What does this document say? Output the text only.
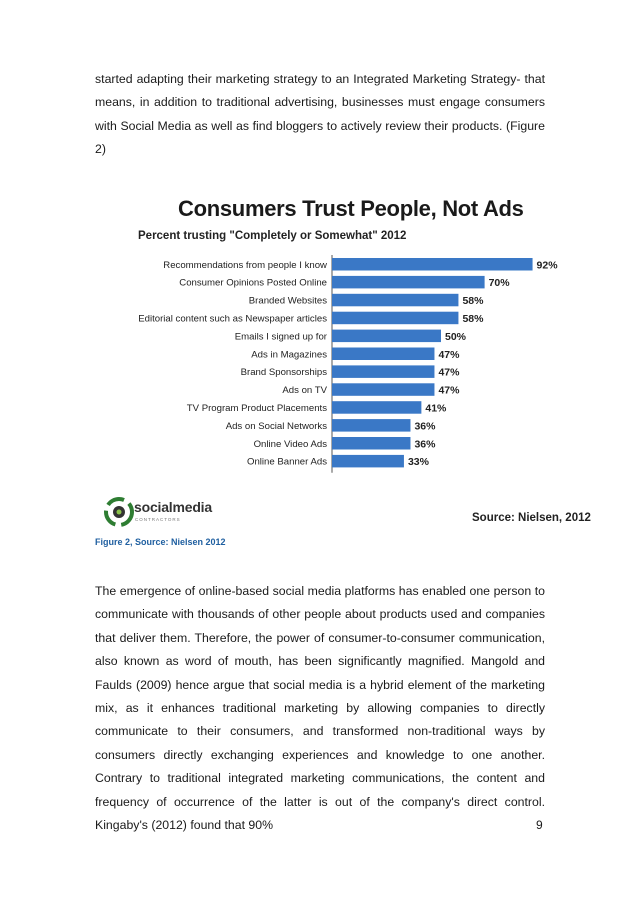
started adapting their marketing strategy to an Integrated Marketing Strategy- that means, in addition to traditional advertising, businesses must engage consumers with Social Media as well as find bloggers to actively review their products. (Figure 2)

Consumers Trust People, Not Ads
Percent trusting "Completely or Somewhat" 2012
Recommendations from people I know	92%
Consumer Opinions Posted Online	70%
Branded Websites	58%
Editorial content such as Newspaper articles	58%
Emails I signed up for	50%
Ads in Magazines	47%
Brand Sponsorships	47%
Ads on TV	47%
TV Program Product Placements	41%
Ads on Social Networks	36%
Online Video Ads	36%
Online Banner Ads	33%
socialmedia
CONTRACTORS	Source: Nielsen, 2012

Figure 2, Source: Nielsen 2012

The emergence of online-based social media platforms has enabled one person to communicate with thousands of other people about products used and companies that deliver them. Therefore, the power of consumer-to-consumer communication, also known as word of mouth, has been significantly magnified. Mangold and Faulds (2009) hence argue that social media is a hybrid element of the marketing mix, as it enhances traditional marketing by allowing companies to directly communicate to their consumers, and transformed non-traditional ways by consumers directly exchanging experiences and knowledge to one another. Contrary to traditional integrated marketing communications, the content and frequency of occurrence of the latter is out of the company's direct control. Kingaby's (2012) found that 90%	9
